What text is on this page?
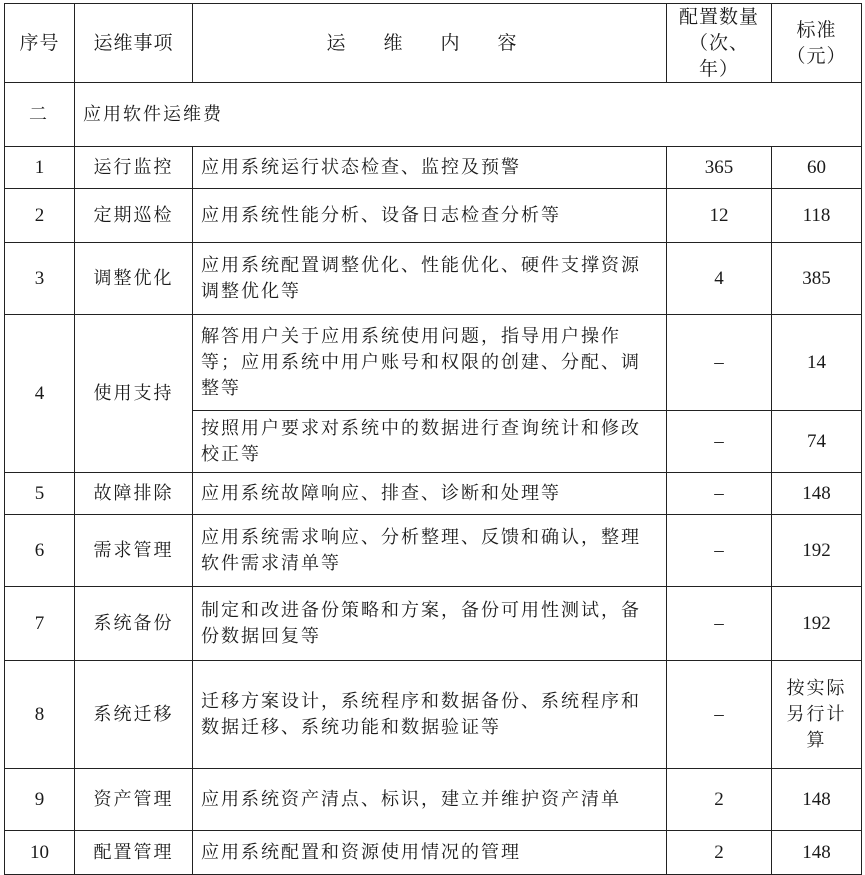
序号	运维事项	运 维 内 容	配置数量（次、年）	标准（元）
二	应用软件运维费			
1	运行监控	应用系统运行状态检查、监控及预警	365	60
2	定期巡检	应用系统性能分析、设备日志检查分析等	12	118
3	调整优化	应用系统配置调整优化、性能优化、硬件支撑资源调整优化等	4	385
4	使用支持	解答用户关于应用系统使用问题，指导用户操作等；应用系统中用户账号和权限的创建、分配、调整等	–	14
		按照用户要求对系统中的数据进行查询统计和修改校正等	–	74
5	故障排除	应用系统故障响应、排查、诊断和处理等	–	148
6	需求管理	应用系统需求响应、分析整理、反馈和确认，整理软件需求清单等	–	192
7	系统备份	制定和改进备份策略和方案，备份可用性测试，备份数据回复等	–	192
8	系统迁移	迁移方案设计，系统程序和数据备份、系统程序和数据迁移、系统功能和数据验证等	–	按实际另行计算
9	资产管理	应用系统资产清点、标识，建立并维护资产清单	2	148
10	配置管理	应用系统配置和资源使用情况的管理	2	148
